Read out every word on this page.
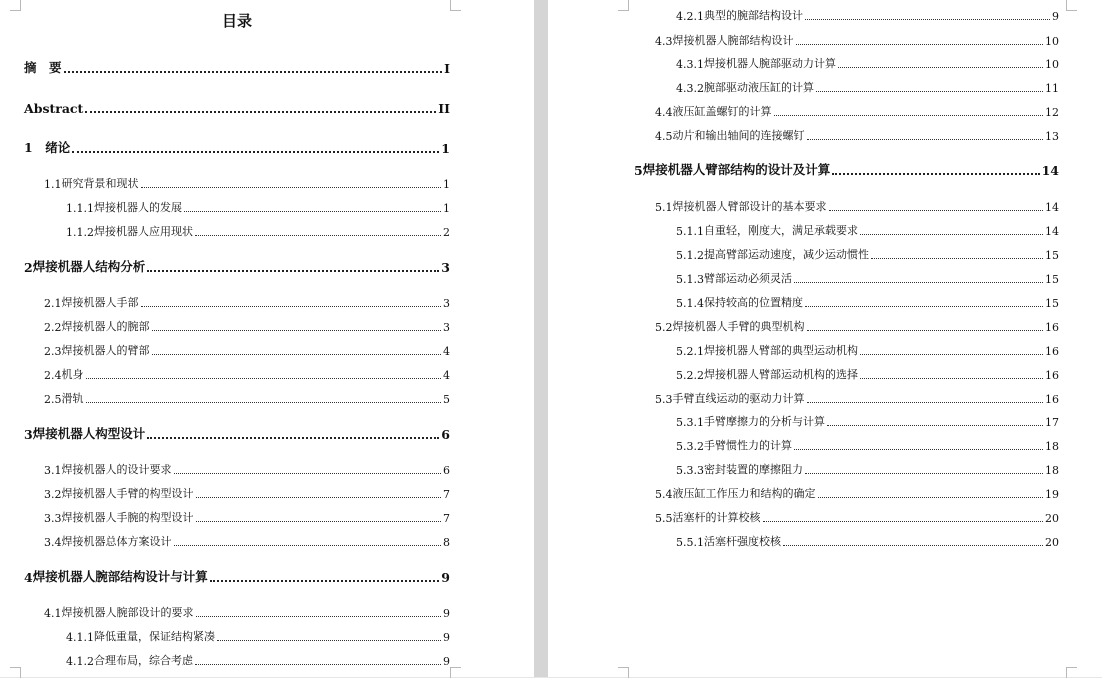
目录
摘　要	I
Abstract	II
1　 绪论	1
1.1 研究背景和现状	1
1.1.1 焊接机器人的发展	1
1.1.2 焊接机器人应用现状	2
2 焊接机器人结构分析	3
2.1 焊接机器人手部	3
2.2 焊接机器人的腕部	3
2.3 焊接机器人的臂部	4
2.4 机身	4
2.5 滑轨	5
3 焊接机器人构型设计	6
3.1 焊接机器人的设计要求	6
3.2 焊接机器人手臂的构型设计	7
3.3 焊接机器人手腕的构型设计	7
3.4 焊接机器总体方案设计	8
4 焊接机器人腕部结构设计与计算	9
4.1 焊接机器人腕部设计的要求	9
4.1.1 降低重量，保证结构紧凑	9
4.1.2 合理布局，综合考虑	9
4.2.1 典型的腕部结构设计	9
4.3 焊接机器人腕部结构设计	10
4.3.1 焊接机器人腕部驱动力计算	10
4.3.2 腕部驱动液压缸的计算	11
4.4 液压缸盖螺钉的计算	12
4.5 动片和输出轴间的连接螺钉	13
5 焊接机器人臂部结构的设计及计算	14
5.1 焊接机器人臂部设计的基本要求	14
5.1.1 自重轻，刚度大，满足承载要求	14
5.1.2 提高臂部运动速度，减少运动惯性	15
5.1.3 臂部运动必须灵活	15
5.1.4 保持较高的位置精度	15
5.2 焊接机器人手臂的典型机构	16
5.2.1 焊接机器人臂部的典型运动机构	16
5.2.2 焊接机器人臂部运动机构的选择	16
5.3 手臂直线运动的驱动力计算	16
5.3.1 手臂摩擦力的分析与计算	17
5.3.2 手臂惯性力的计算	18
5.3.3 密封装置的摩擦阻力	18
5.4 液压缸工作压力和结构的确定	19
5.5 活塞杆的计算校核	20
5.5.1 活塞杆强度校核	20
